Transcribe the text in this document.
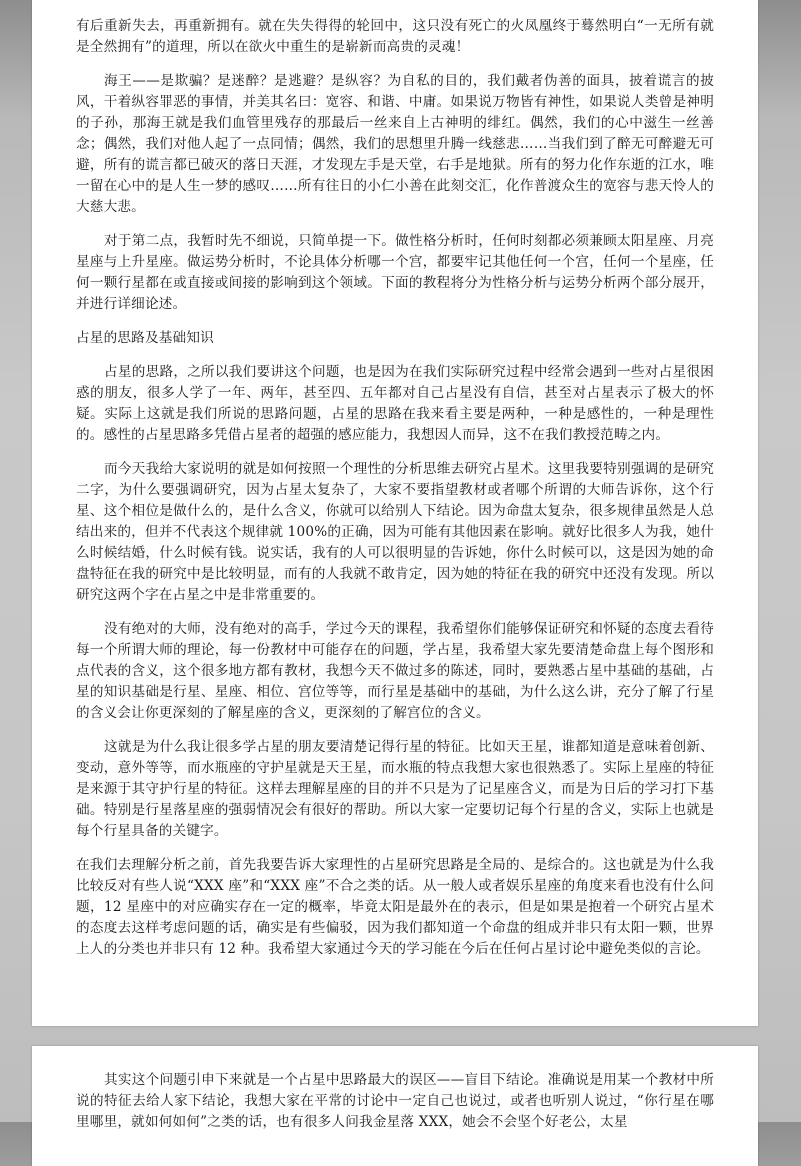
有后重新失去，再重新拥有。就在失失得得的轮回中，这只没有死亡的火凤凰终于蓦然明白“一无所有就是全然拥有”的道理，所以在欲火中重生的是崭新而高贵的灵魂！

海王——是欺骗？是迷醉？是逃避？是纵容？为自私的目的，我们戴者伪善的面具，披着谎言的披风，干着纵容罪恶的事情，并美其名曰：宽容、和谐、中庸。如果说万物皆有神性，如果说人类曾是神明的子孙，那海王就是我们血管里残存的那最后一丝来自上古神明的绯红。偶然，我们的心中滋生一丝善念；偶然，我们对他人起了一点同情；偶然，我们的思想里升腾一线慈悲……当我们到了醉无可醉避无可避，所有的谎言都已破灭的落日天涯，才发现左手是天堂，右手是地狱。所有的努力化作东逝的江水，唯一留在心中的是人生一梦的感叹……所有往日的小仁小善在此刻交汇，化作普渡众生的宽容与悲天怜人的大慈大悲。

对于第二点，我暂时先不细说，只简单提一下。做性格分析时，任何时刻都必须兼顾太阳星座、月亮星座与上升星座。做运势分析时，不论具体分析哪一个宫，都要牢记其他任何一个宫，任何一个星座，任何一颗行星都在或直接或间接的影响到这个领域。下面的教程将分为性格分析与运势分析两个部分展开，并进行详细论述。

占星的思路及基础知识

占星的思路，之所以我们要讲这个问题，也是因为在我们实际研究过程中经常会遇到一些对占星很困惑的朋友，很多人学了一年、两年，甚至四、五年都对自己占星没有自信，甚至对占星表示了极大的怀疑。实际上这就是我们所说的思路问题，占星的思路在我来看主要是两种，一种是感性的，一种是理性的。感性的占星思路多凭借占星者的超强的感应能力，我想因人而异，这不在我们教授范畴之内。

而今天我给大家说明的就是如何按照一个理性的分析思维去研究占星术。这里我要特别强调的是研究二字，为什么要强调研究，因为占星太复杂了，大家不要指望教材或者哪个所谓的大师告诉你，这个行星、这个相位是做什么的，是什么含义，你就可以给别人下结论。因为命盘太复杂，很多规律虽然是人总结出来的，但并不代表这个规律就 100%的正确，因为可能有其他因素在影响。就好比很多人为我，她什么时候结婚，什么时候有钱。说实话，我有的人可以很明显的告诉她，你什么时候可以，这是因为她的命盘特征在我的研究中是比较明显，而有的人我就不敢肯定，因为她的特征在我的研究中还没有发现。所以研究这两个字在占星之中是非常重要的。

没有绝对的大师，没有绝对的高手，学过今天的课程，我希望你们能够保证研究和怀疑的态度去看待每一个所谓大师的理论，每一份教材中可能存在的问题，学占星，我希望大家先要清楚命盘上每个图形和点代表的含义，这个很多地方都有教材，我想今天不做过多的陈述，同时，要熟悉占星中基础的基础，占星的知识基础是行星、星座、相位、宫位等等，而行星是基础中的基础，为什么这么讲，充分了解了行星的含义会让你更深刻的了解星座的含义，更深刻的了解宫位的含义。

这就是为什么我让很多学占星的朋友要清楚记得行星的特征。比如天王星，谁都知道是意味着创新、变动，意外等等，而水瓶座的守护星就是天王星，而水瓶的特点我想大家也很熟悉了。实际上星座的特征是来源于其守护行星的特征。这样去理解星座的目的并不只是为了记星座含义，而是为日后的学习打下基础。特别是行星落星座的强弱情况会有很好的帮助。所以大家一定要切记每个行星的含义，实际上也就是每个行星具备的关键字。

在我们去理解分析之前，首先我要告诉大家理性的占星研究思路是全局的、是综合的。这也就是为什么我比较反对有些人说“XXX 座”和“XXX 座”不合之类的话。从一般人或者娱乐星座的角度来看也没有什么问题，12 星座中的对应确实存在一定的概率，毕竟太阳是最外在的表示，但是如果是抱着一个研究占星术的态度去这样考虑问题的话，确实是有些偏驳，因为我们都知道一个命盘的组成并非只有太阳一颗，世界上人的分类也并非只有 12 种。我希望大家通过今天的学习能在今后在任何占星讨论中避免类似的言论。

其实这个问题引申下来就是一个占星中思路最大的误区——盲目下结论。准确说是用某一个教材中所说的特征去给人家下结论，我想大家在平常的讨论中一定自己也说过，或者也听别人说过，“你行星在哪里哪里，就如何如何”之类的话，也有很多人问我金星落 XXX，她会不会坚个好老公，太星
